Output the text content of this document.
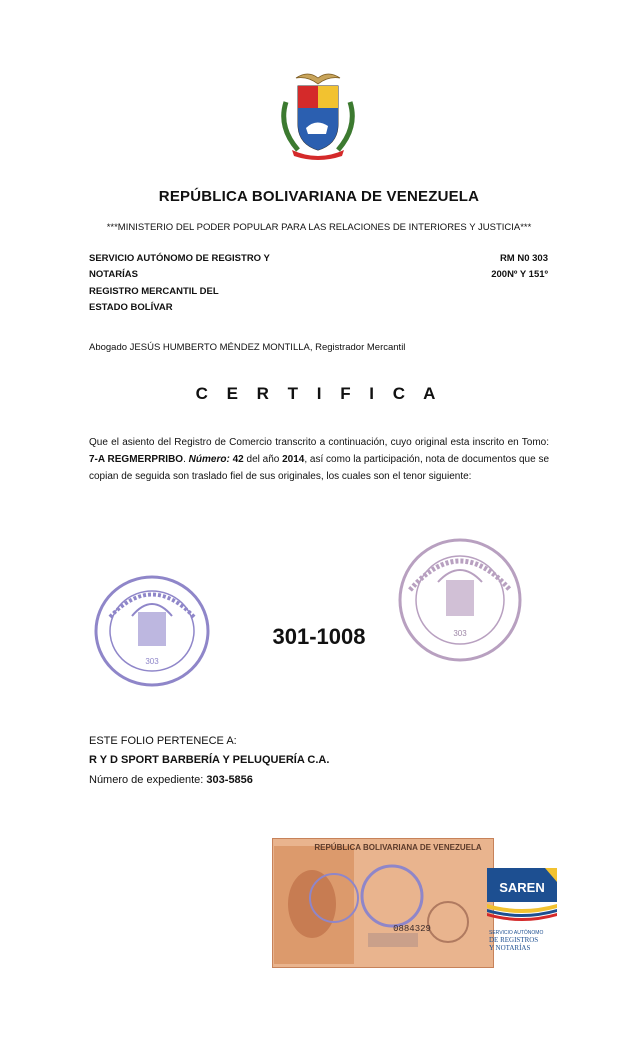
REPÚBLICA BOLIVARIANA DE VENEZUELA
***MINISTERIO DEL PODER POPULAR PARA LAS RELACIONES DE INTERIORES Y JUSTICIA***
SERVICIO AUTÓNOMO DE REGISTRO Y
NOTARÍAS
REGISTRO MERCANTIL DEL
ESTADO BOLÍVAR
RM N0 303
200Nº Y 151º
Abogado JESÚS HUMBERTO MÉNDEZ MONTILLA, Registrador Mercantil
C E R T I F I C A
Que el asiento del Registro de Comercio transcrito a continuación, cuyo original esta inscrito en Tomo: 7-A REGMERPRIBO. Número: 42 del año 2014, así como la participación, nota de documentos que se copian de seguida son traslado fiel de sus originales, los cuales son el tenor siguiente:
303
303
301-1008
ESTE FOLIO PERTENECE A:
R Y D SPORT BARBERÍA Y PELUQUERÍA C.A.
Número de expediente: 303-5856
REPÚBLICA BOLIVARIANA DE VENEZUELA
0884329
SAREN
SERVICIO AUTÓNOMO
DE REGISTROS
Y NOTARÍAS
